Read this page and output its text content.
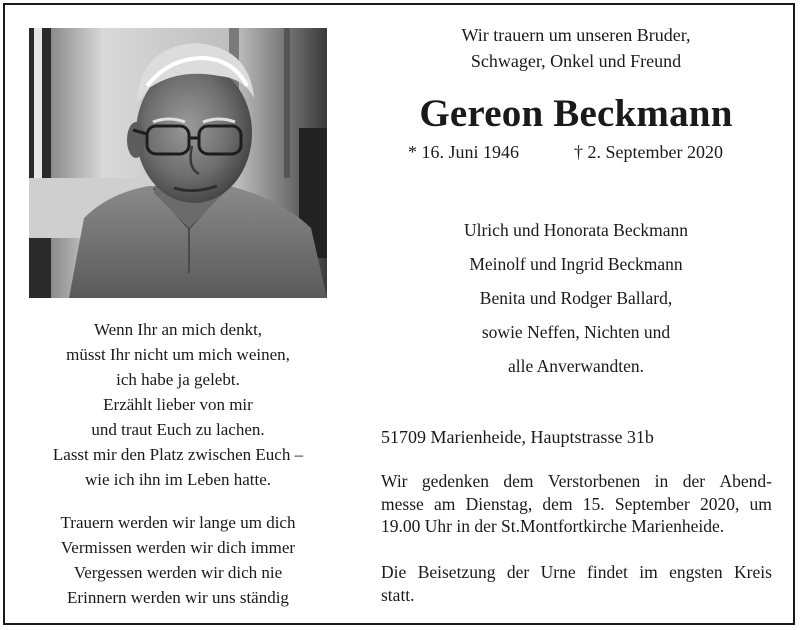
Wenn Ihr an mich denkt,
müsst Ihr nicht um mich weinen,
ich habe ja gelebt.
Erzählt lieber von mir
und traut Euch zu lachen.
Lasst mir den Platz zwischen Euch –
wie ich ihn im Leben hatte.
Trauern werden wir lange um dich
Vermissen werden wir dich immer
Vergessen werden wir dich nie
Erinnern werden wir uns ständig
Wir trauern um unseren Bruder,
Schwager, Onkel und Freund
Gereon Beckmann
* 16. Juni 1946	† 2. September 2020
Ulrich und Honorata Beckmann
Meinolf und Ingrid Beckmann
Benita und Rodger Ballard,
sowie Neffen, Nichten und
alle Anverwandten.
51709 Marienheide, Hauptstrasse 31b
Wir gedenken dem Verstorbenen in der Abend-
messe am Dienstag, dem 15. September 2020, um
19.00 Uhr in der St.Montfortkirche Marienheide.
Die Beisetzung der Urne findet im engsten Kreis
statt.
